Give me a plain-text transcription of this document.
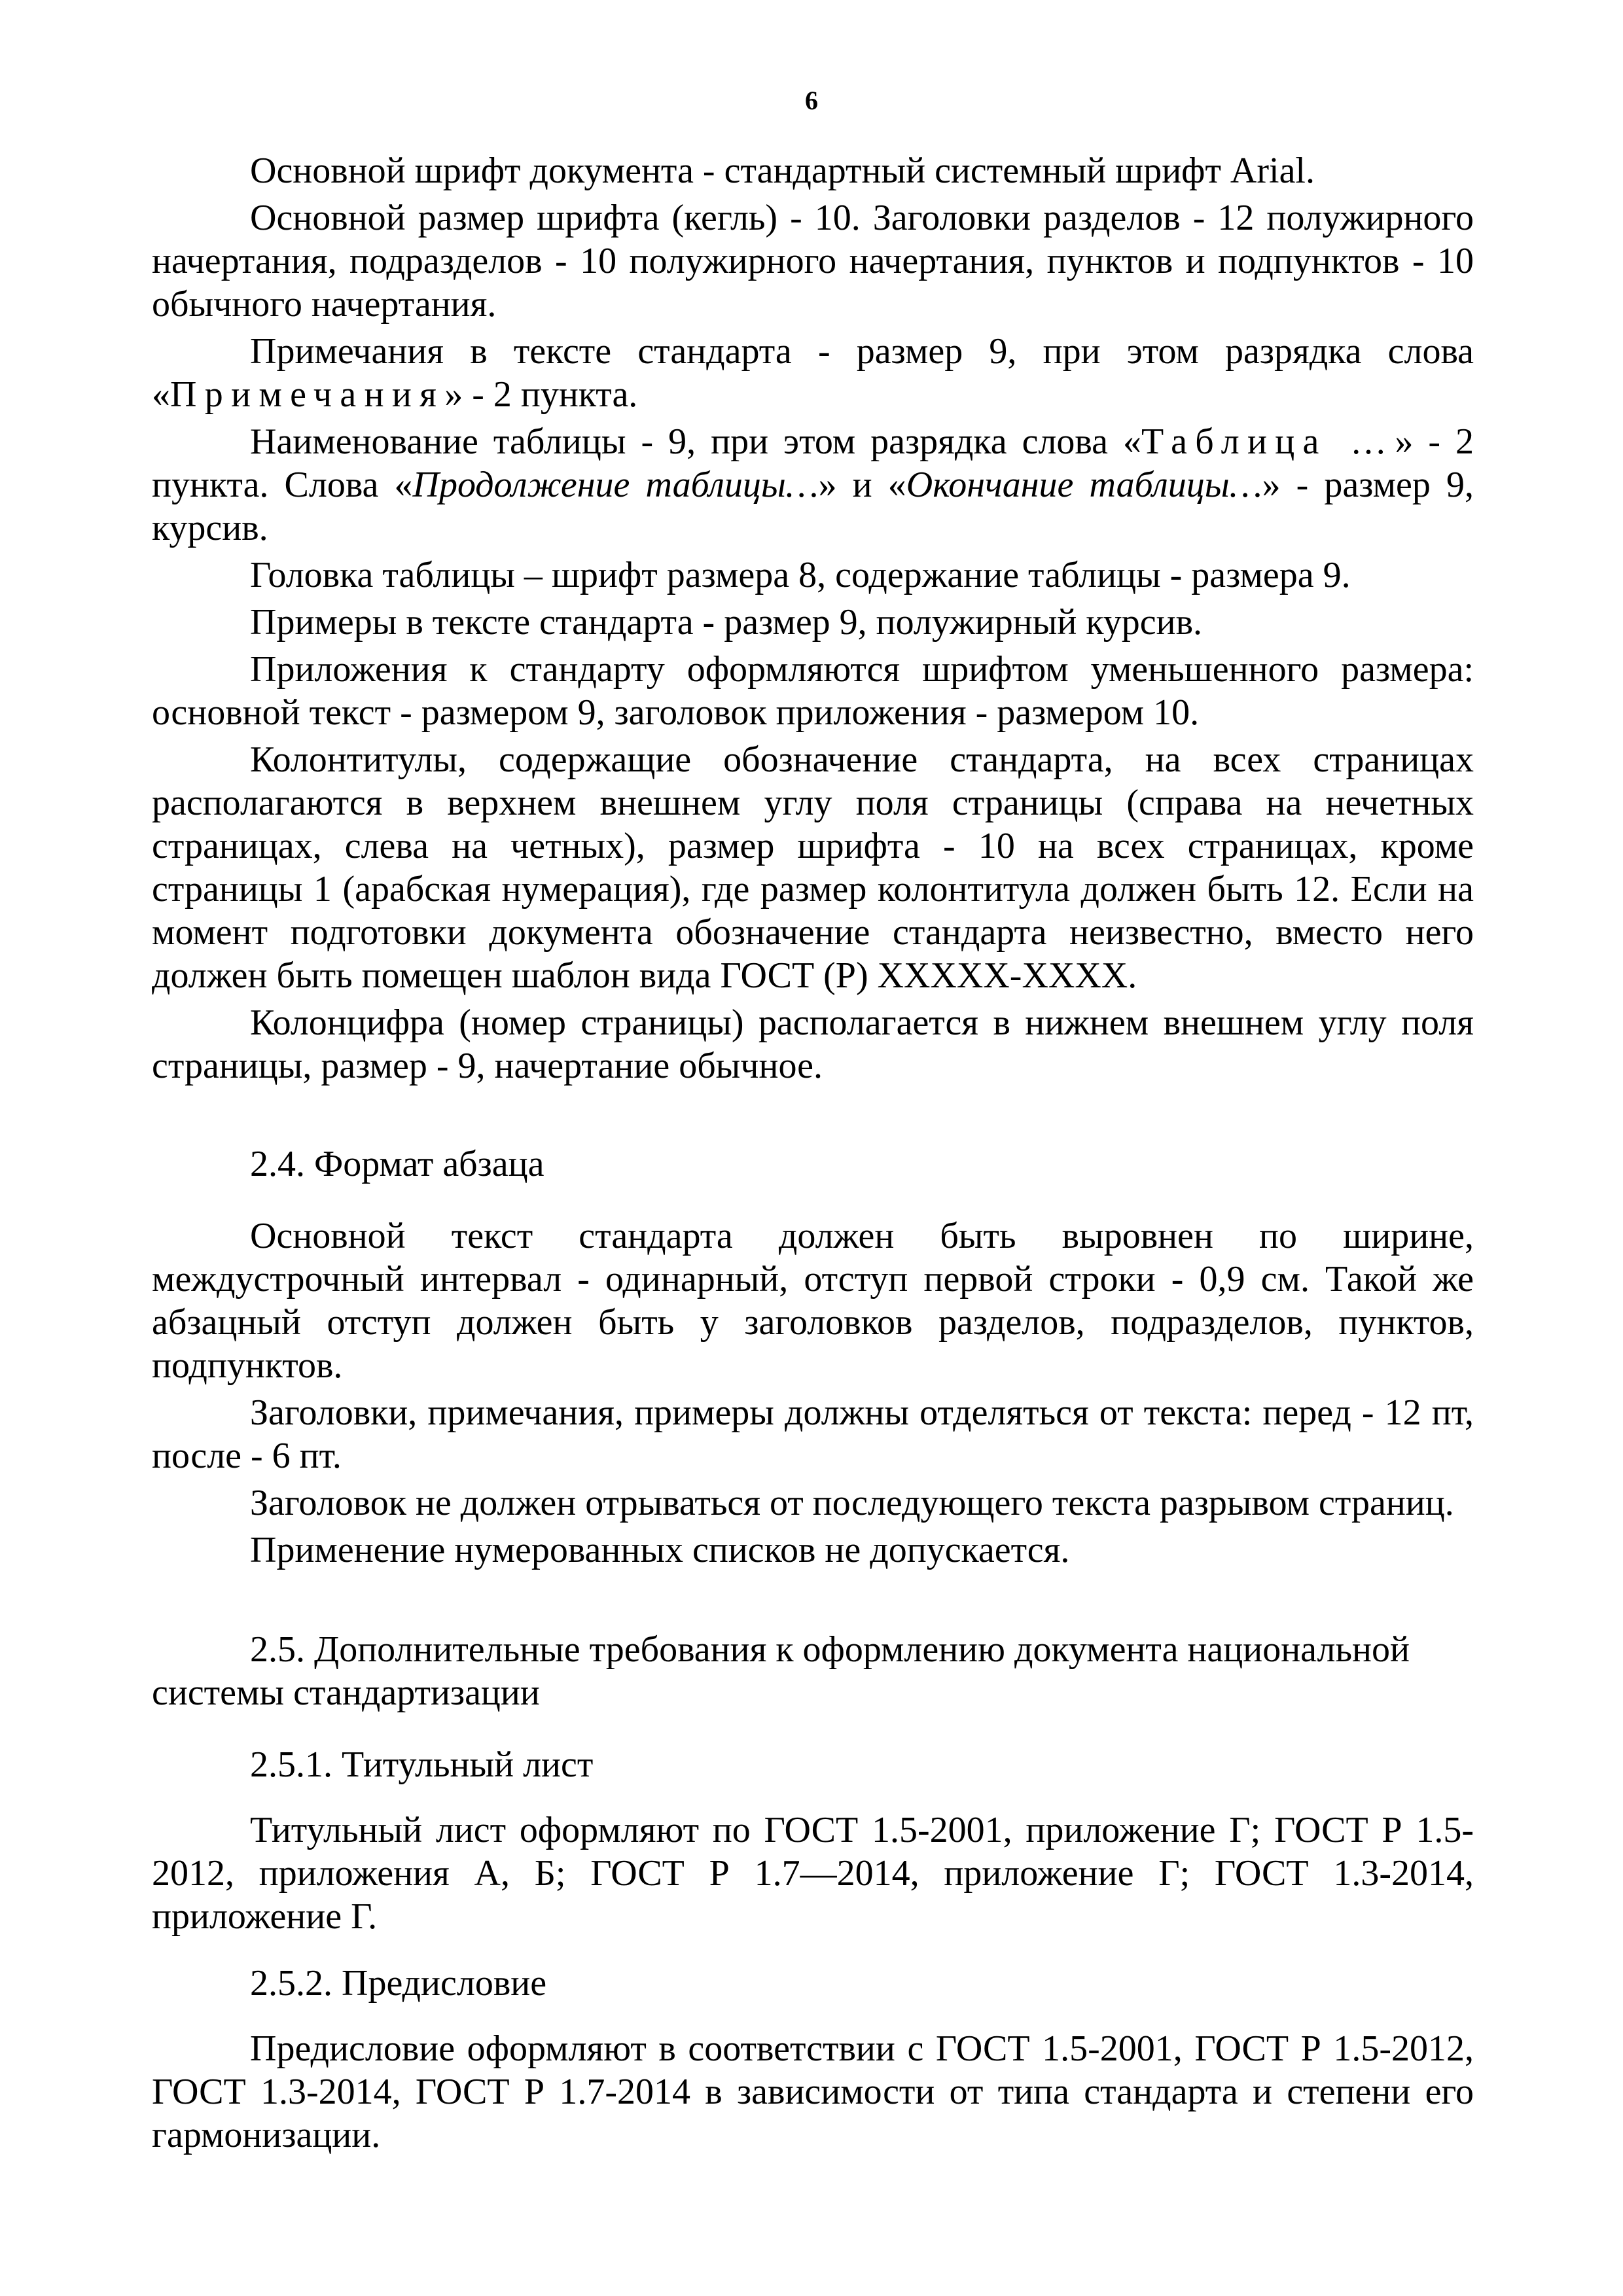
6

Основной шрифт документа - стандартный системный шрифт Arial.

Основной размер шрифта (кегль) - 10. Заголовки разделов - 12 полужирного начертания, подразделов - 10 полужирного начертания, пунктов и подпунктов - 10 обычного начертания.

Примечания в тексте стандарта - размер 9, при этом разрядка слова «Примечания» - 2 пункта.

Наименование таблицы - 9, при этом разрядка слова «Таблица …» - 2 пункта. Слова «Продолжение таблицы…» и «Окончание таблицы…» - размер 9, курсив.

Головка таблицы – шрифт размера 8, содержание таблицы - размера 9.

Примеры в тексте стандарта - размер 9, полужирный курсив.

Приложения к стандарту оформляются шрифтом уменьшенного размера: основной текст - размером 9, заголовок приложения - размером 10.

Колонтитулы, содержащие обозначение стандарта, на всех страницах располагаются в верхнем внешнем углу поля страницы (справа на нечетных страницах, слева на четных), размер шрифта - 10 на всех страницах, кроме страницы 1 (арабская нумерация), где размер колонтитула должен быть 12. Если на момент подготовки документа обозначение стандарта неизвестно, вместо него должен быть помещен шаблон вида ГОСТ (Р) ХХХХХ-ХХХХ.

Колонцифра (номер страницы) располагается в нижнем внешнем углу поля страницы, размер - 9, начертание обычное.

2.4. Формат абзаца

Основной текст стандарта должен быть выровнен по ширине, междустрочный интервал - одинарный, отступ первой строки - 0,9 см. Такой же абзацный отступ должен быть у заголовков разделов, подразделов, пунктов, подпунктов.

Заголовки, примечания, примеры должны отделяться от текста: перед - 12 пт, после - 6 пт.

Заголовок не должен отрываться от последующего текста разрывом страниц.

Применение нумерованных списков не допускается.

2.5. Дополнительные требования к оформлению документа национальной системы стандартизации

2.5.1. Титульный лист

Титульный лист оформляют по ГОСТ 1.5-2001, приложение Г; ГОСТ Р 1.5-2012, приложения А, Б; ГОСТ Р 1.7—2014, приложение Г; ГОСТ 1.3-2014, приложение Г.

2.5.2. Предисловие

Предисловие оформляют в соответствии с ГОСТ 1.5-2001, ГОСТ Р 1.5-2012, ГОСТ 1.3-2014, ГОСТ Р 1.7-2014 в зависимости от типа стандарта и степени его гармонизации.
